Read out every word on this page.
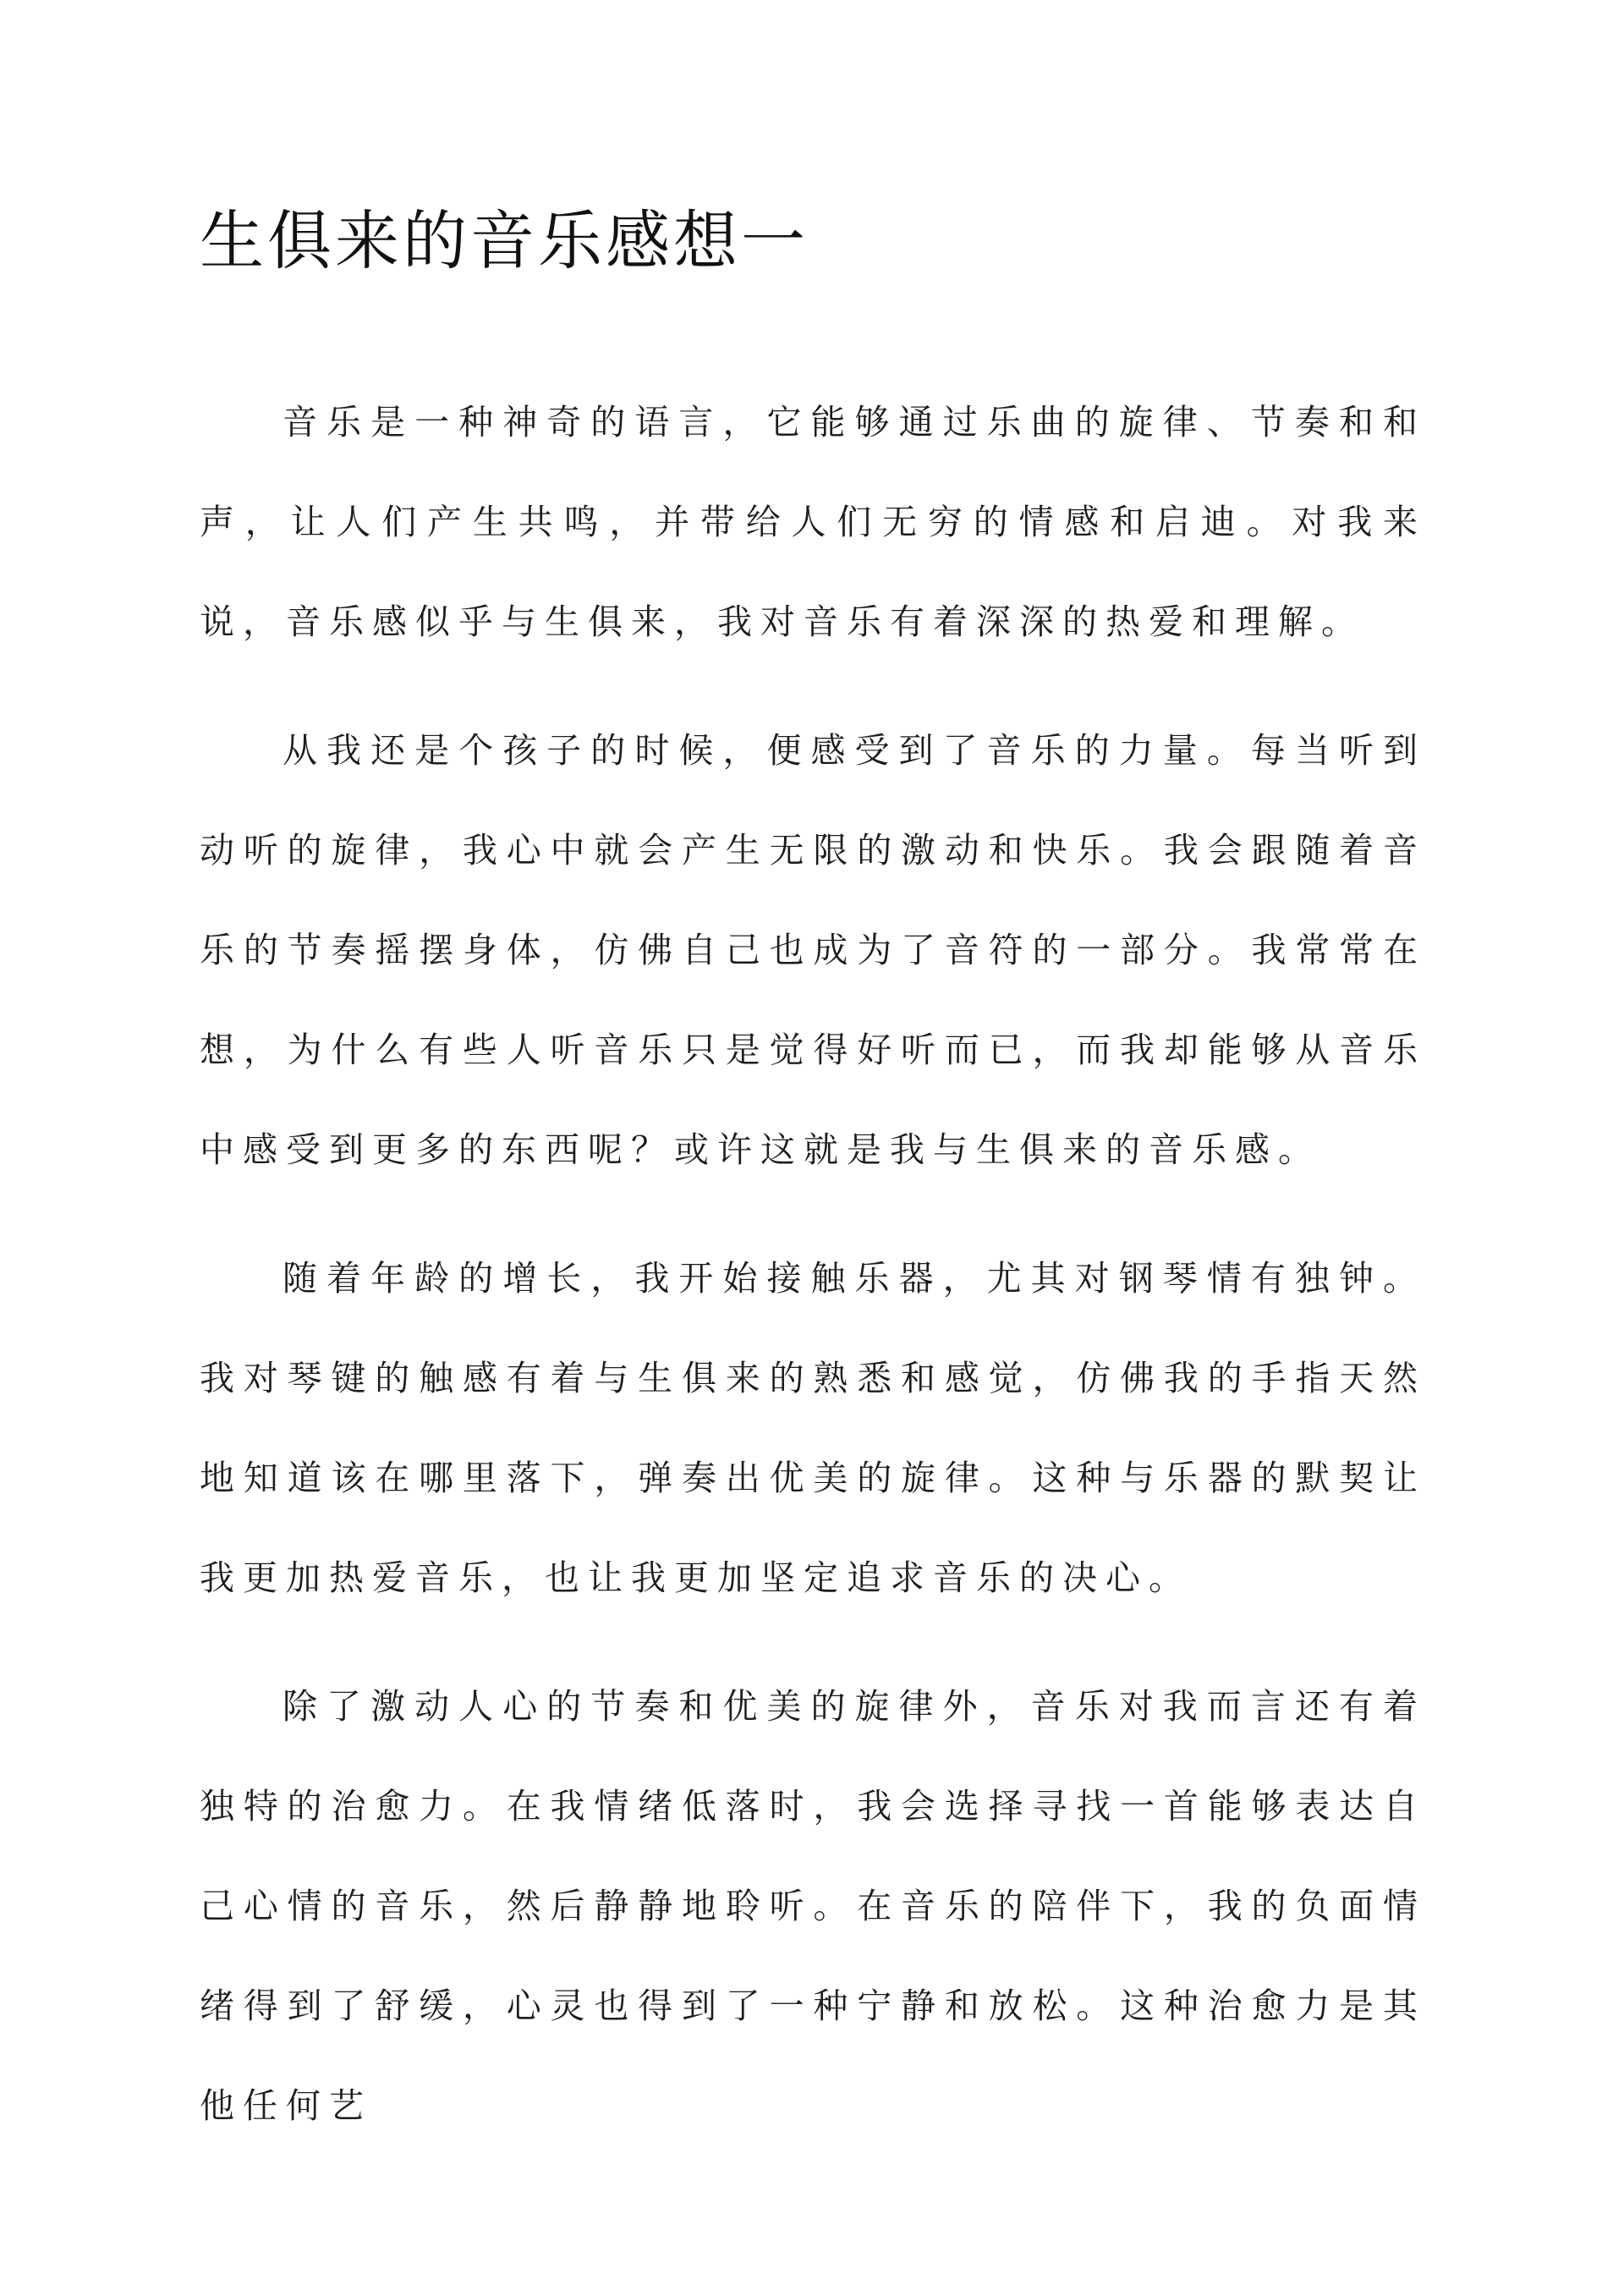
生俱来的音乐感想一

音乐是一种神奇的语言，它能够通过乐曲的旋律、节奏和和声，让人们产生共鸣，并带给人们无穷的情感和启迪。对我来说，音乐感似乎与生俱来，我对音乐有着深深的热爱和理解。

从我还是个孩子的时候，便感受到了音乐的力量。每当听到动听的旋律，我心中就会产生无限的激动和快乐。我会跟随着音乐的节奏摇摆身体，仿佛自己也成为了音符的一部分。我常常在想，为什么有些人听音乐只是觉得好听而已，而我却能够从音乐中感受到更多的东西呢？或许这就是我与生俱来的音乐感。

随着年龄的增长，我开始接触乐器，尤其对钢琴情有独钟。我对琴键的触感有着与生俱来的熟悉和感觉，仿佛我的手指天然地知道该在哪里落下，弹奏出优美的旋律。这种与乐器的默契让我更加热爱音乐，也让我更加坚定追求音乐的决心。

除了激动人心的节奏和优美的旋律外，音乐对我而言还有着独特的治愈力。在我情绪低落时，我会选择寻找一首能够表达自己心情的音乐，然后静静地聆听。在音乐的陪伴下，我的负面情绪得到了舒缓，心灵也得到了一种宁静和放松。这种治愈力是其他任何艺
